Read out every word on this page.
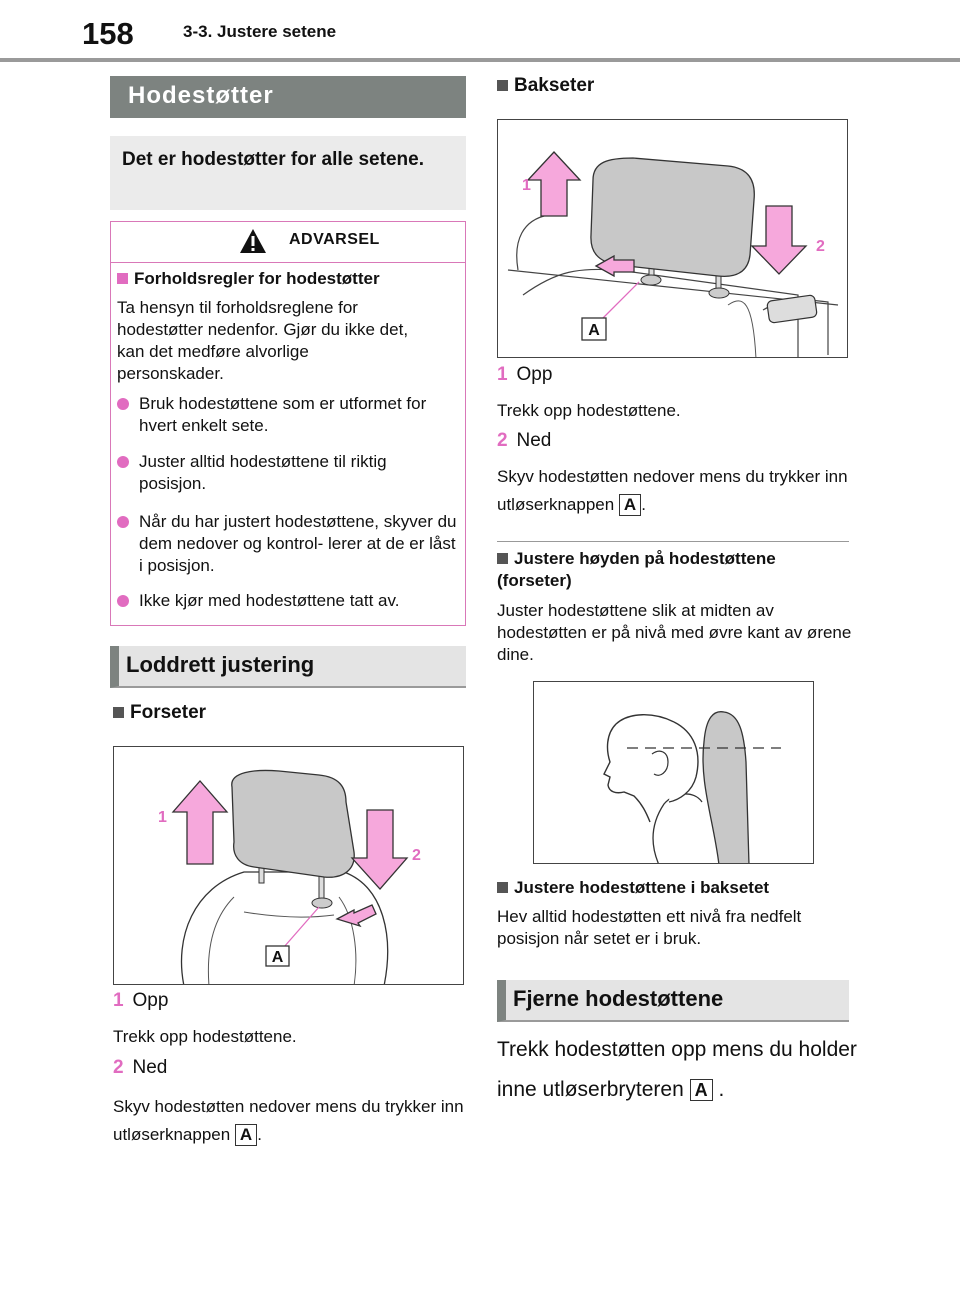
158	3-3. Justere setene
Hodestøtter
Det er hodestøtter for alle setene.
ADVARSEL
Forholdsregler for hodestøtter
Ta hensyn til forholdsreglene for hodestøtter nedenfor. Gjør du ikke det, kan det medføre alvorlige personskader.
Bruk hodestøttene som er utformet for hvert enkelt sete.
Juster alltid hodestøttene til riktig posisjon.
Når du har justert hodestøttene, skyver du dem nedover og kontrol- lerer at de er låst i posisjon.
Ikke kjør med hodestøttene tatt av.
Loddrett justering
Forseter
A
1
2
1 Opp
Trekk opp hodestøttene.
2 Ned
Skyv hodestøtten nedover mens du trykker inn utløserknappen A .
Bakseter
A
1
2
1 Opp
Trekk opp hodestøttene.
2 Ned
Skyv hodestøtten nedover mens du trykker inn utløserknappen A .
Justere høyden på hodestøttene (forseter)
Juster hodestøttene slik at midten av hodestøtten er på nivå med øvre kant av ørene dine.
Justere hodestøttene i baksetet
Hev alltid hodestøtten ett nivå fra nedfelt posisjon når setet er i bruk.
Fjerne hodestøttene
Trekk hodestøtten opp mens du holder inne utløserbryteren A .
